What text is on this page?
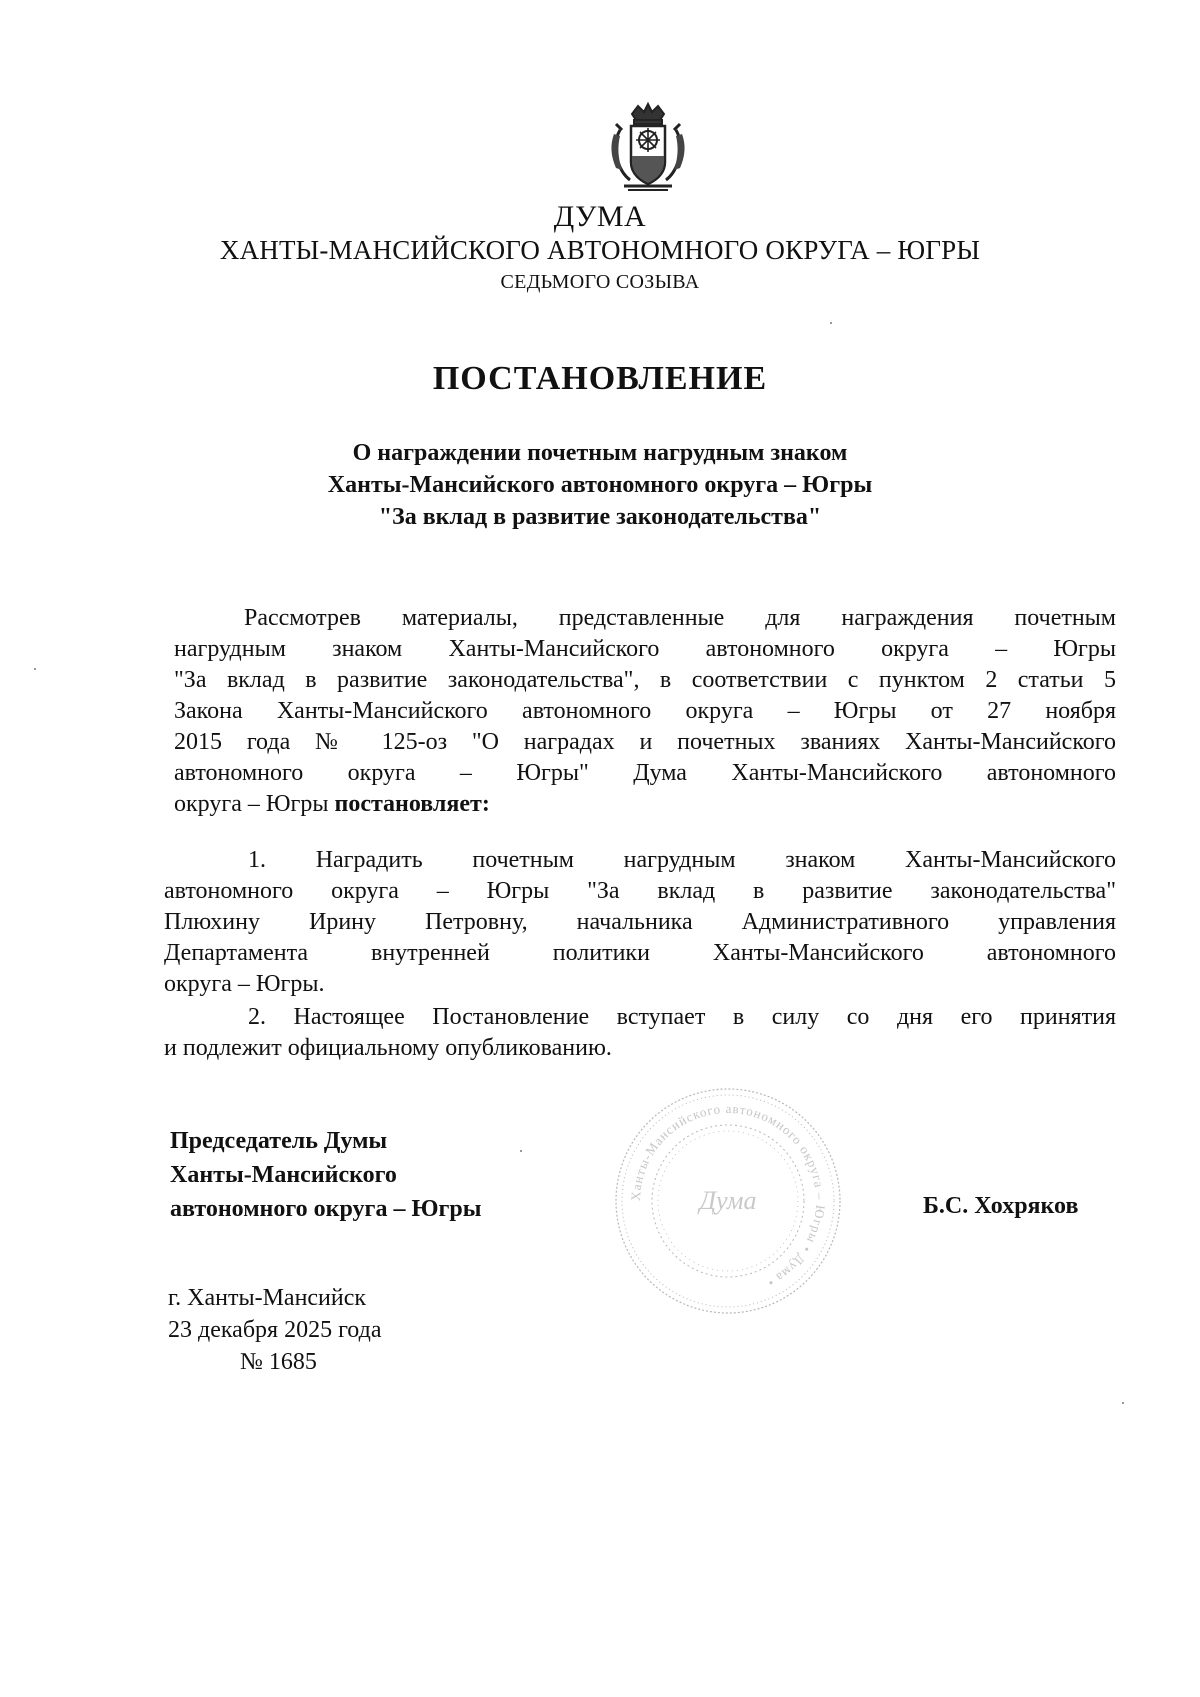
ДУМА
ХАНТЫ-МАНСИЙСКОГО АВТОНОМНОГО ОКРУГА – ЮГРЫ
СЕДЬМОГО СОЗЫВА
ПОСТАНОВЛЕНИЕ
О награждении почетным нагрудным знаком
Ханты-Мансийского автономного округа – Югры
"За вклад в развитие законодательства"
Рассмотрев материалы, представленные для награждения почетным
нагрудным знаком Ханты-Мансийского автономного округа – Югры
"За вклад в развитие законодательства", в соответствии с пунктом 2 статьи 5
Закона Ханты-Мансийского автономного округа – Югры от 27 ноября
2015 года № 125-оз "О наградах и почетных званиях Ханты-Мансийского
автономного округа – Югры" Дума Ханты-Мансийского автономного
округа – Югры постановляет:
1. Наградить почетным нагрудным знаком Ханты-Мансийского
автономного округа – Югры "За вклад в развитие законодательства"
Плюхину Ирину Петровну, начальника Административного управления
Департамента внутренней политики Ханты-Мансийского автономного
округа – Югры.
2. Настоящее Постановление вступает в силу со дня его принятия
и подлежит официальному опубликованию.
Председатель Думы
Ханты-Мансийского
автономного округа – Югры
Ханты-Мансийского автономного округа – Югры • Дума •
Дума	Б.С. Хохряков
г. Ханты-Мансийск
23 декабря 2025 года
№ 1685
